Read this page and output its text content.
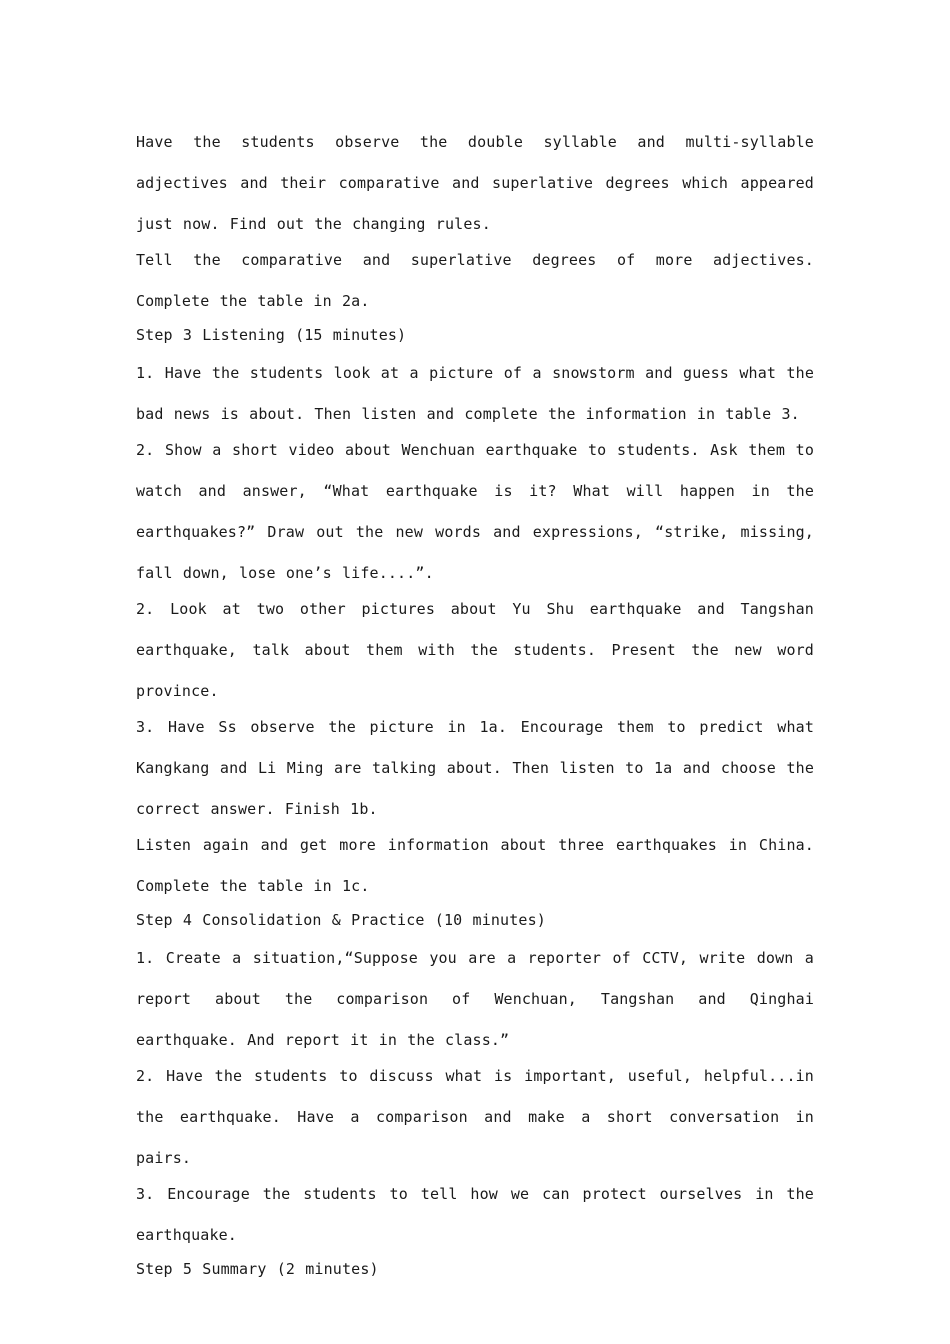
Have the students observe the double syllable and multi-syllable adjectives and their comparative and superlative degrees which appeared just now. Find out the changing rules.

Tell the comparative and superlative degrees of more adjectives. Complete the table in 2a.

Step 3 Listening (15 minutes)

1. Have the students look at a picture of a snowstorm and guess what the bad news is about. Then listen and complete the information in table 3.

2. Show a short video about Wenchuan earthquake to students. Ask them to watch and answer, “What earthquake is it? What will happen in the earthquakes?” Draw out the new words and expressions, “strike, missing, fall down, lose one’s life....”.

2. Look at two other pictures about Yu Shu earthquake and Tangshan earthquake, talk about them with the students. Present the new word province.

3. Have Ss observe the picture in 1a. Encourage them to predict what Kangkang and Li Ming are talking about. Then listen to 1a and choose the correct answer. Finish 1b.

Listen again and get more information about three earthquakes in China. Complete the table in 1c.

Step 4 Consolidation & Practice (10 minutes)

1. Create a situation,“Suppose you are a reporter of CCTV, write down a report about the comparison of Wenchuan, Tangshan and Qinghai earthquake. And report it in the class.”

2. Have the students to discuss what is important, useful, helpful...in the earthquake. Have a comparison and make a short conversation in pairs.

3. Encourage the students to tell how we can protect ourselves in the earthquake.

Step 5 Summary (2 minutes)
